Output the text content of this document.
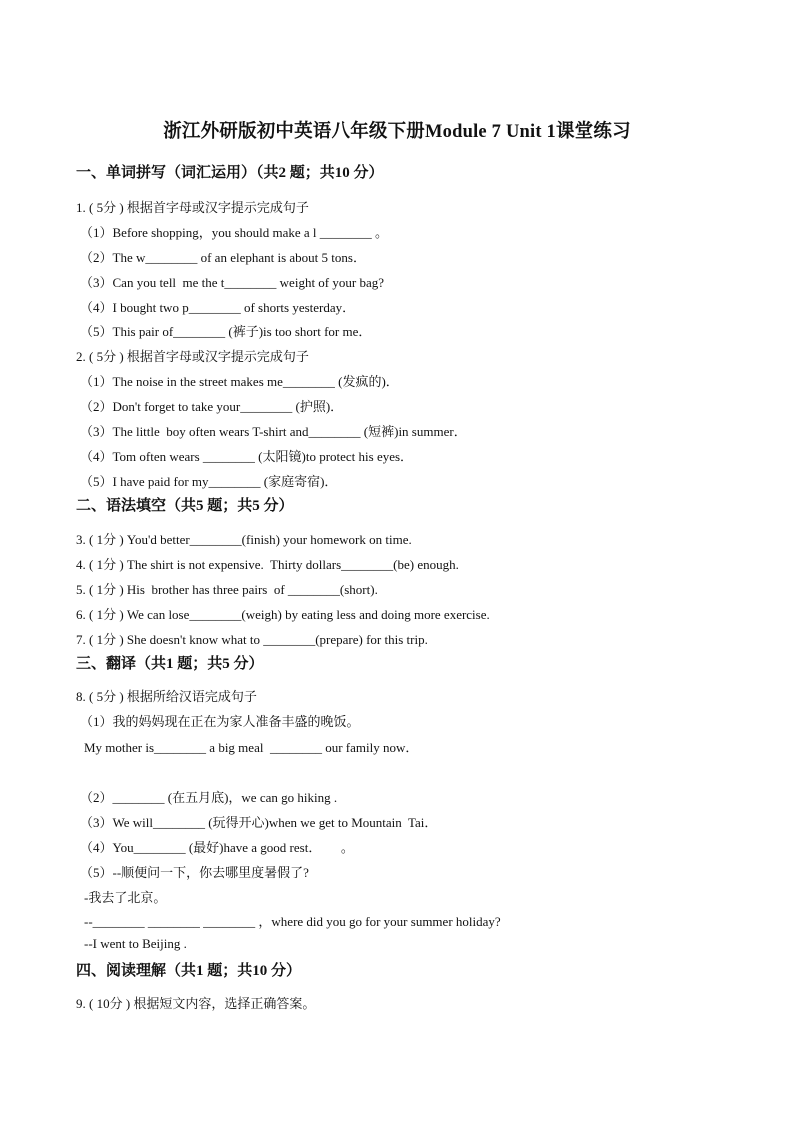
浙江外研版初中英语八年级下册Module 7 Unit 1课堂练习
一、单词拼写（词汇运用）（共2 题；共10 分）
1. ( 5分 ) 根据首字母或汉字提示完成句子
（1）Before shopping，you should make a l ________ 。
（2）The w________ of an elephant is about 5 tons．
（3）Can you tell  me the t________ weight of your bag?
（4）I bought two p________ of shorts yesterday．
（5）This pair of________ (裤子)is too short for me．
2. ( 5分 ) 根据首字母或汉字提示完成句子
（1）The noise in the street makes me________ (发疯的)．
（2）Don't forget to take your________ (护照)．
（3）The little  boy often wears T-shirt and________ (短裤)in summer．
（4）Tom often wears ________ (太阳镜)to protect his eyes．
（5）I have paid for my________ (家庭寄宿)．
二、语法填空（共5 题；共5 分）
3. ( 1分 ) You'd better________(finish) your homework on time.
4. ( 1分 ) The shirt is not expensive.  Thirty dollars________(be) enough.
5. ( 1分 ) His  brother has three pairs  of ________(short).
6. ( 1分 ) We can lose________(weigh) by eating less and doing more exercise.
7. ( 1分 ) She doesn't know what to ________(prepare) for this trip.
三、翻译（共1 题；共5 分）
8. ( 5分 ) 根据所给汉语完成句子
（1）我的妈妈现在正在为家人准备丰盛的晚饭。
My mother is________ a big meal  ________ our family now．
（2）________ (在五月底)，we can go hiking .
（3）We will________ (玩得开心)when we get to Mountain  Tai．
（4）You________ (最好)have a good rest．      。
（5）--顺便问一下，你去哪里度暑假了?
-我去了北京。
--________ ________ ________ ，where did you go for your summer holiday?
--I went to Beijing .
四、阅读理解（共1 题；共10 分）
9. ( 10分 ) 根据短文内容，选择正确答案。
